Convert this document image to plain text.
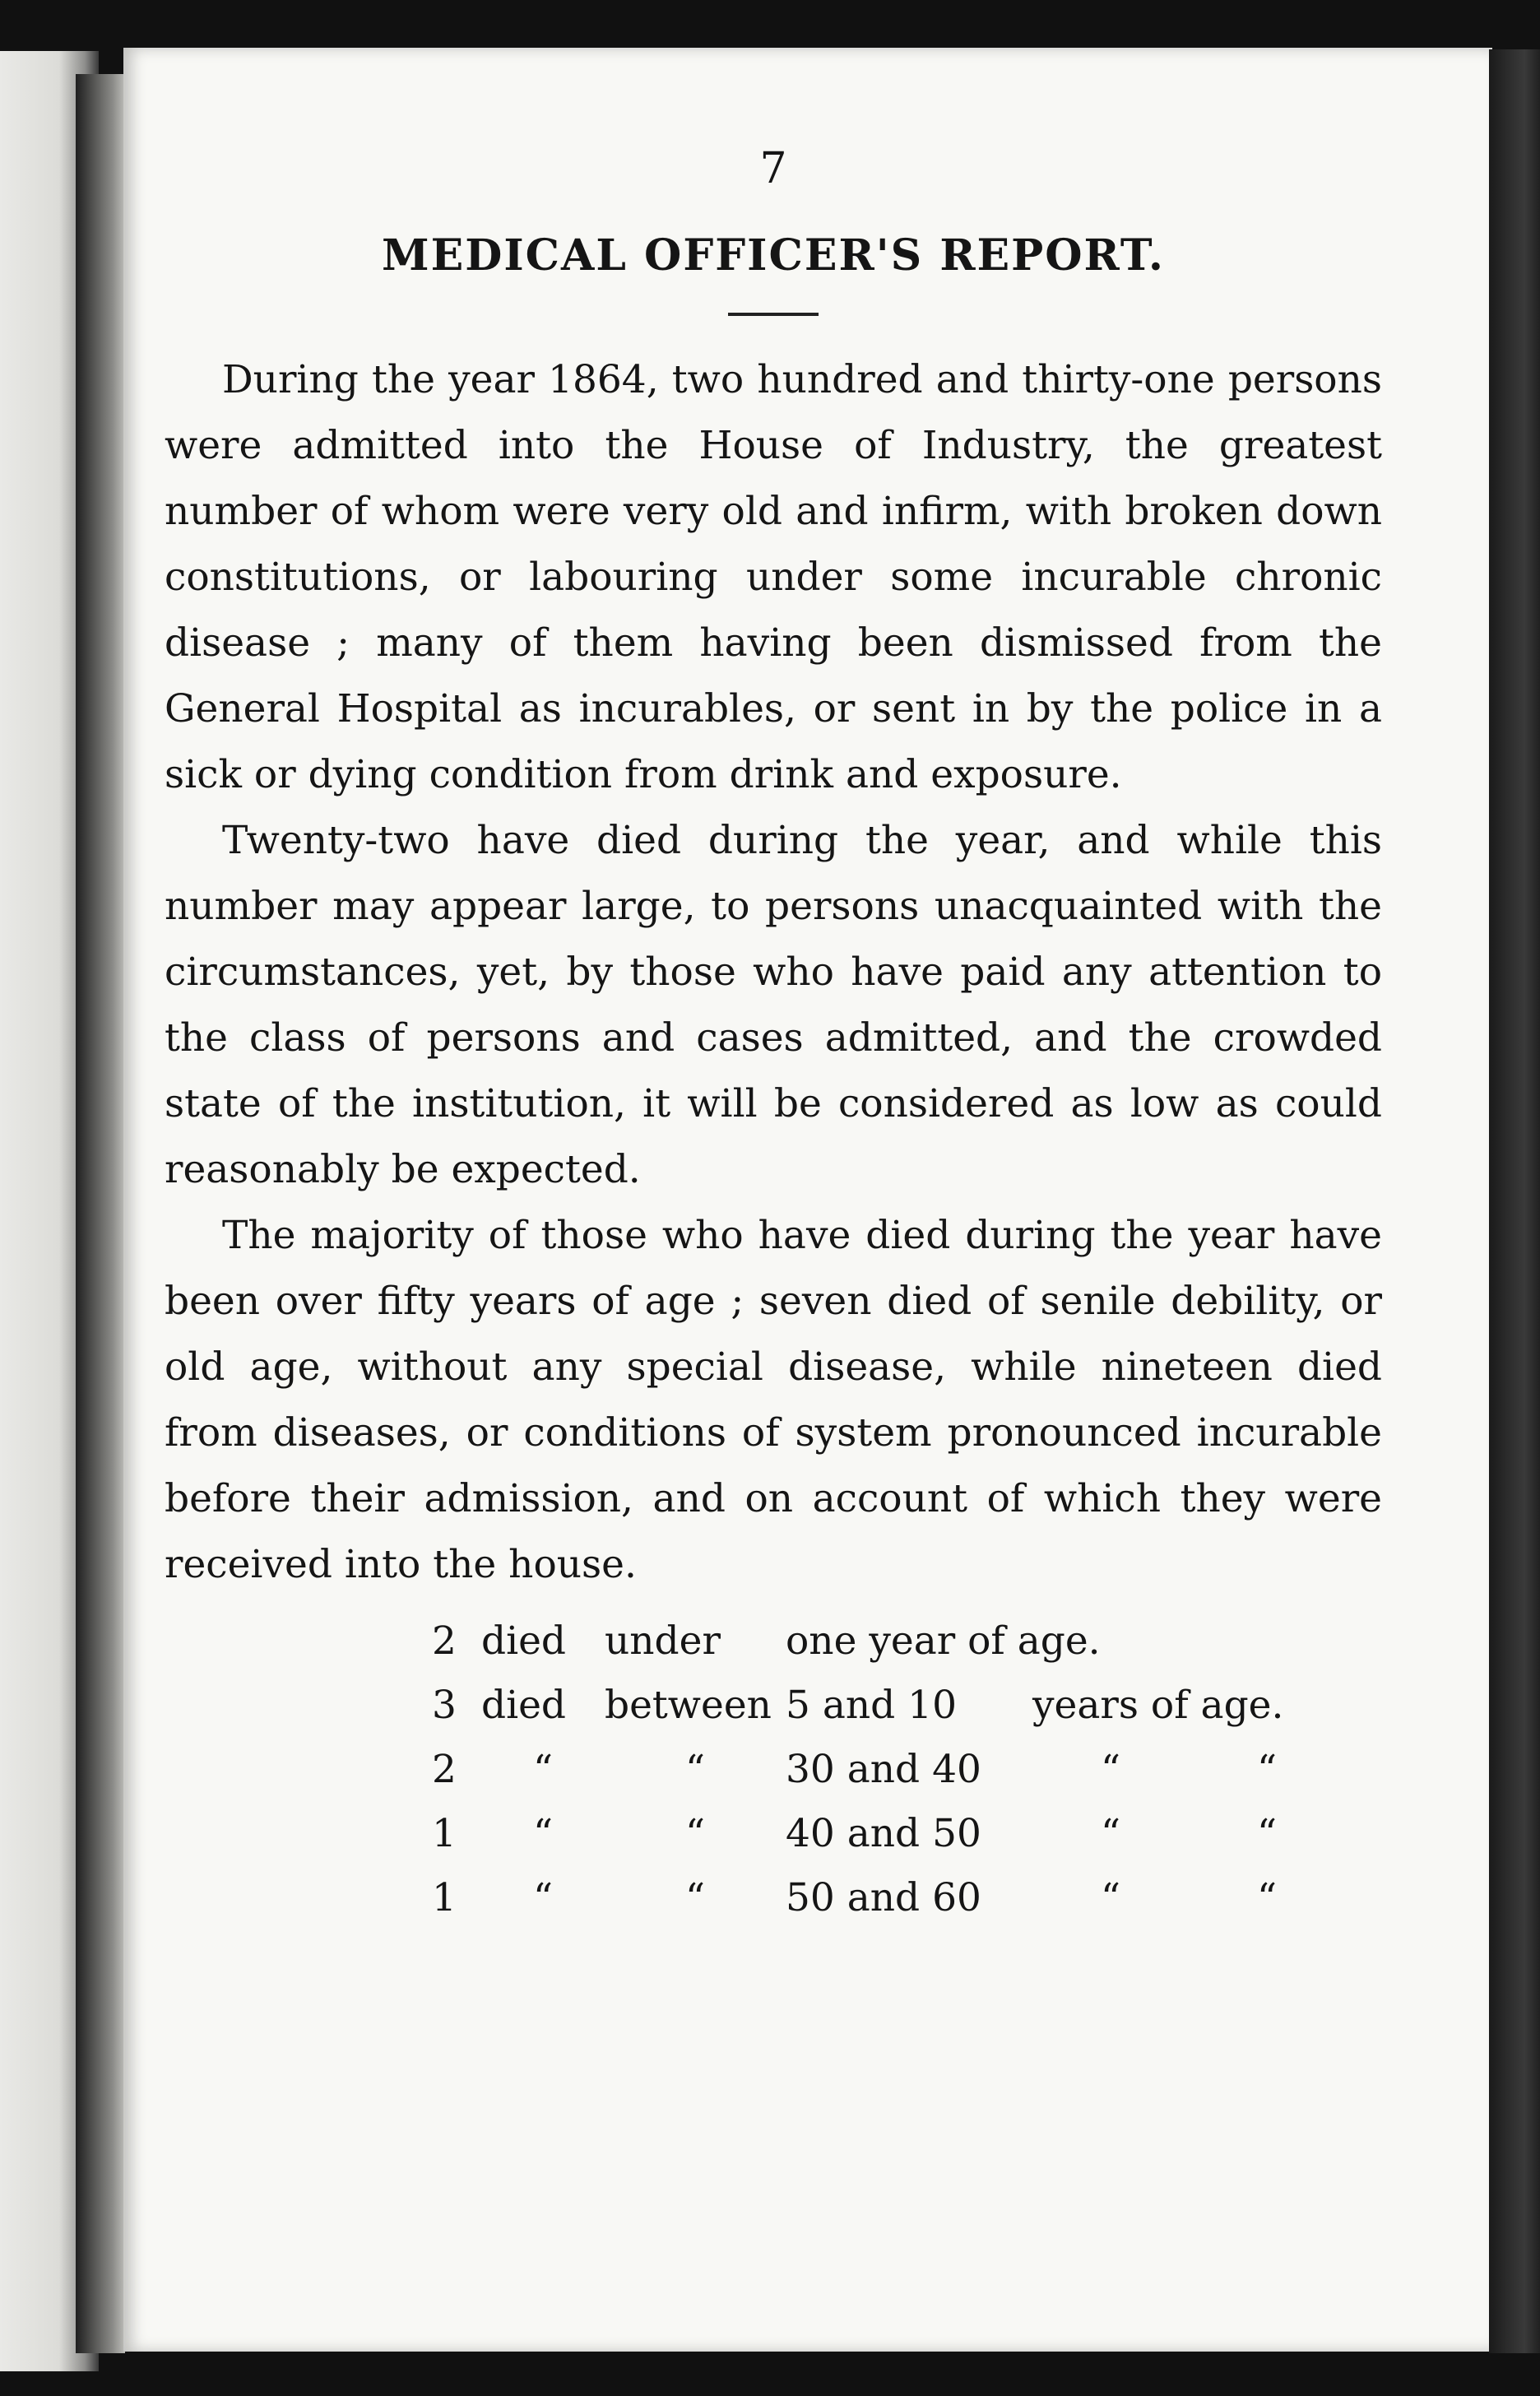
7
MEDICAL OFFICER'S REPORT.

During the year 1864, two hundred and thirty-one persons were admitted into the House of Industry, the greatest number of whom were very old and infirm, with broken down constitutions, or labouring under some incurable chronic disease ; many of them having been dismissed from the General Hospital as incurables, or sent in by the police in a sick or dying condition from drink and exposure.

Twenty-two have died during the year, and while this number may appear large, to persons unacquainted with the circumstances, yet, by those who have paid any attention to the class of persons and cases admitted, and the crowded state of the institution, it will be considered as low as could reasonably be expected.

The majority of those who have died during the year have been over fifty years of age ; seven died of senile debility, or old age, without any special disease, while nineteen died from diseases, or conditions of system pronounced incurable before their admission, and on account of which they were received into the house.

2	died	under	one year of age.		
3	died	between	5 and 10	years of age.	
2	“	“	30 and 40	“	“
1	“	“	40 and 50	“	“
1	“	“	50 and 60	“	“
